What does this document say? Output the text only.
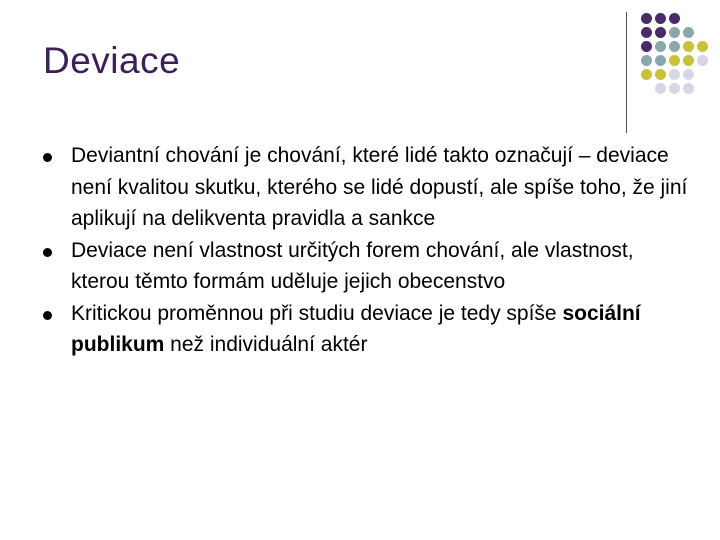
Deviace
Deviantní chování je chování, které lidé takto označují – deviace není kvalitou skutku, kterého se lidé dopustí, ale spíše toho, že jiní aplikují na delikventa pravidla a sankce
Deviace není vlastnost určitých forem chování, ale vlastnost, kterou těmto formám uděluje jejich obecenstvo
Kritickou proměnnou při studiu deviace je tedy spíše sociální publikum než individuální aktér
